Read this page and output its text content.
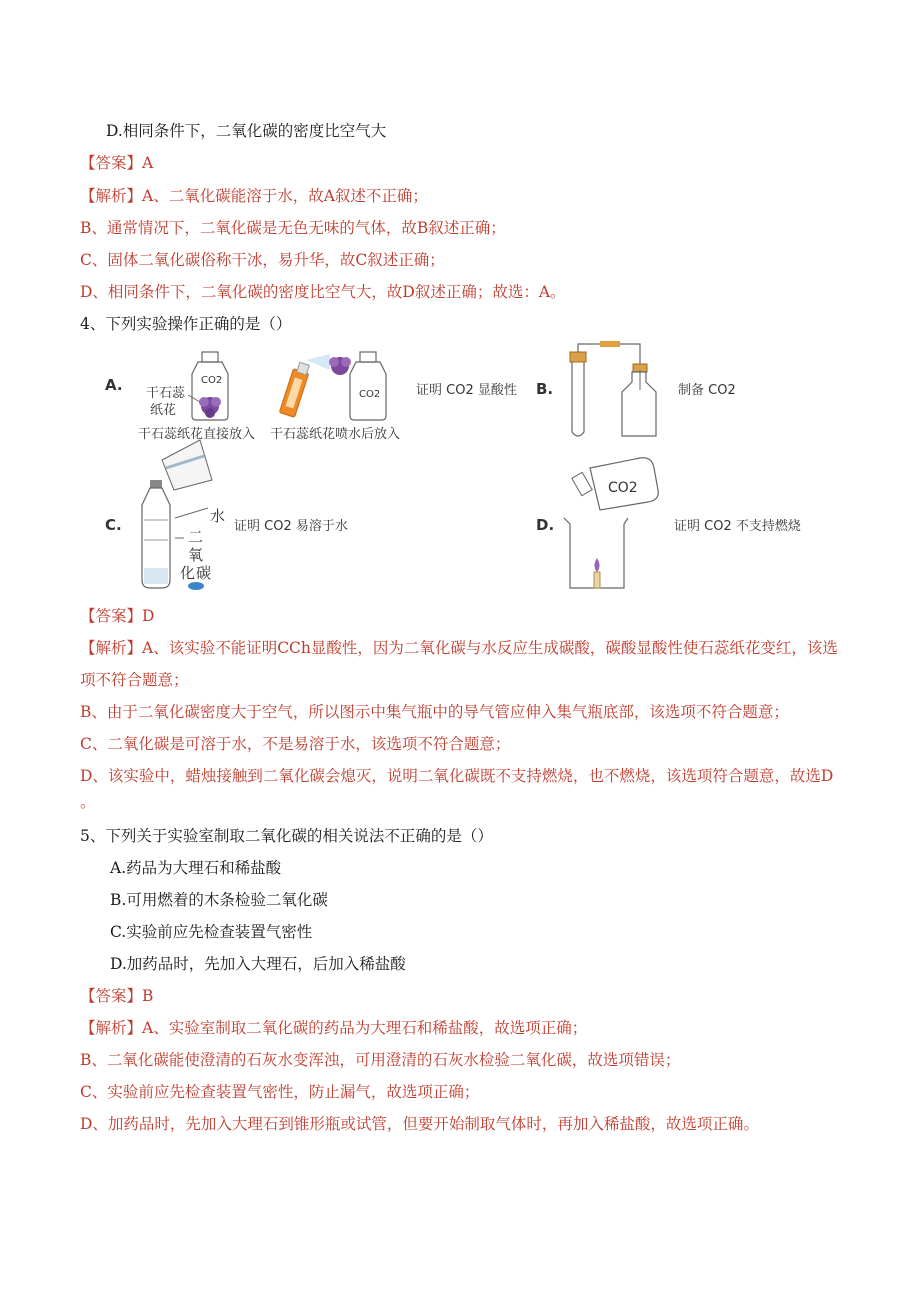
D.相同条件下，二氧化碳的密度比空气大
【答案】A
【解析】A、二氧化碳能溶于水，故A叙述不正确；
B、通常情况下，二氧化碳是无色无味的气体，故B叙述正确；
C、固体二氧化碳俗称干冰，易升华，故C叙述正确；
D、相同条件下，二氧化碳的密度比空气大，故D叙述正确；故选：A。
4、下列实验操作正确的是（）
A.	CO2
干石蕊
纸花
干石蕊纸花直接放入
CO2
干石蕊纸花喷水后放入
证明 CO2 显酸性 B.	制备 CO2
C.	水
二
氧
化 碳
证明 CO2 易溶于水	D.
CO2
证明 CO2 不支持燃烧
【答案】D
【解析】A、该实验不能证明CCh显酸性，因为二氧化碳与水反应生成碳酸，碳酸显酸性使石蕊纸花变红，该选
项不符合题意；
B、由于二氧化碳密度大于空气，所以图示中集气瓶中的导气管应伸入集气瓶底部，该选项不符合题意；
C、二氧化碳是可溶于水，不是易溶于水，该选项不符合题意；
D、该实验中，蜡烛接触到二氧化碳会熄灭，说明二氧化碳既不支持燃烧，也不燃烧，该选项符合题意，故选D
。
5、下列关于实验室制取二氧化碳的相关说法不正确的是（）
A.药品为大理石和稀盐酸
B.可用燃着的木条检验二氧化碳
C.实验前应先检查装置气密性
D.加药品时，先加入大理石，后加入稀盐酸
【答案】B
【解析】A、实验室制取二氧化碳的药品为大理石和稀盐酸，故选项正确；
B、二氧化碳能使澄清的石灰水变浑浊，可用澄清的石灰水检验二氧化碳，故选项错误；
C、实验前应先检查装置气密性，防止漏气，故选项正确；
D、加药品时，先加入大理石到锥形瓶或试管，但要开始制取气体时，再加入稀盐酸，故选项正确。
